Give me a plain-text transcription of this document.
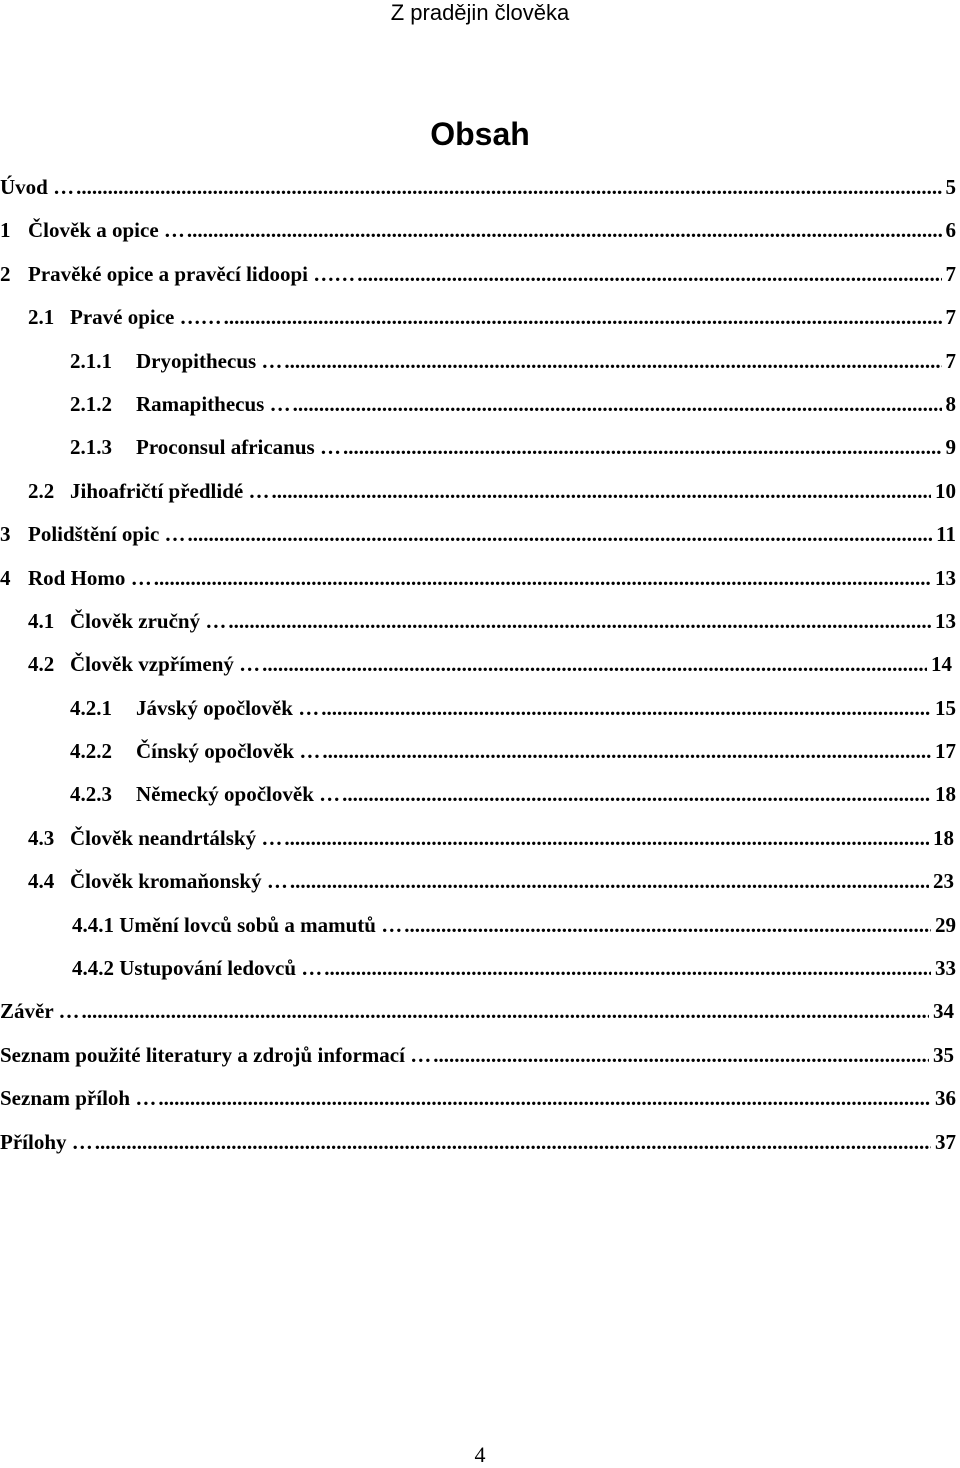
Z pradějin člověka
Obsah
Úvod … .....	5
1 Člověk a opice … .....	6
2 Pravěké opice a pravěcí lidoopi …… .....	7
2.1 Pravé opice …… .....	7
2.1.1 Dryopithecus … .....	7
2.1.2 Ramapithecus … .....	8
2.1.3 Proconsul africanus … .....	9
2.2 Jihoafričtí předlidé … .....	10
3 Polidštění opic … .....	11
4 Rod Homo … .....	13
4.1 Člověk zručný … .....	13
4.2 Člověk vzpřímený … .....	14
4.2.1 Jávský opočlověk … .....	15
4.2.2 Čínský opočlověk … .....	17
4.2.3 Německý opočlověk … .....	18
4.3 Člověk neandrtálský … .....	18
4.4 Člověk kromaňonský … .....	23
4.4.1 Umění lovců sobů a mamutů … .....	29
4.4.2 Ustupování ledovců … .....	33
Závěr … .....	34
Seznam použité literatury a zdrojů informací … .....	35
Seznam příloh … .....	36
Přílohy … .....	37
4
